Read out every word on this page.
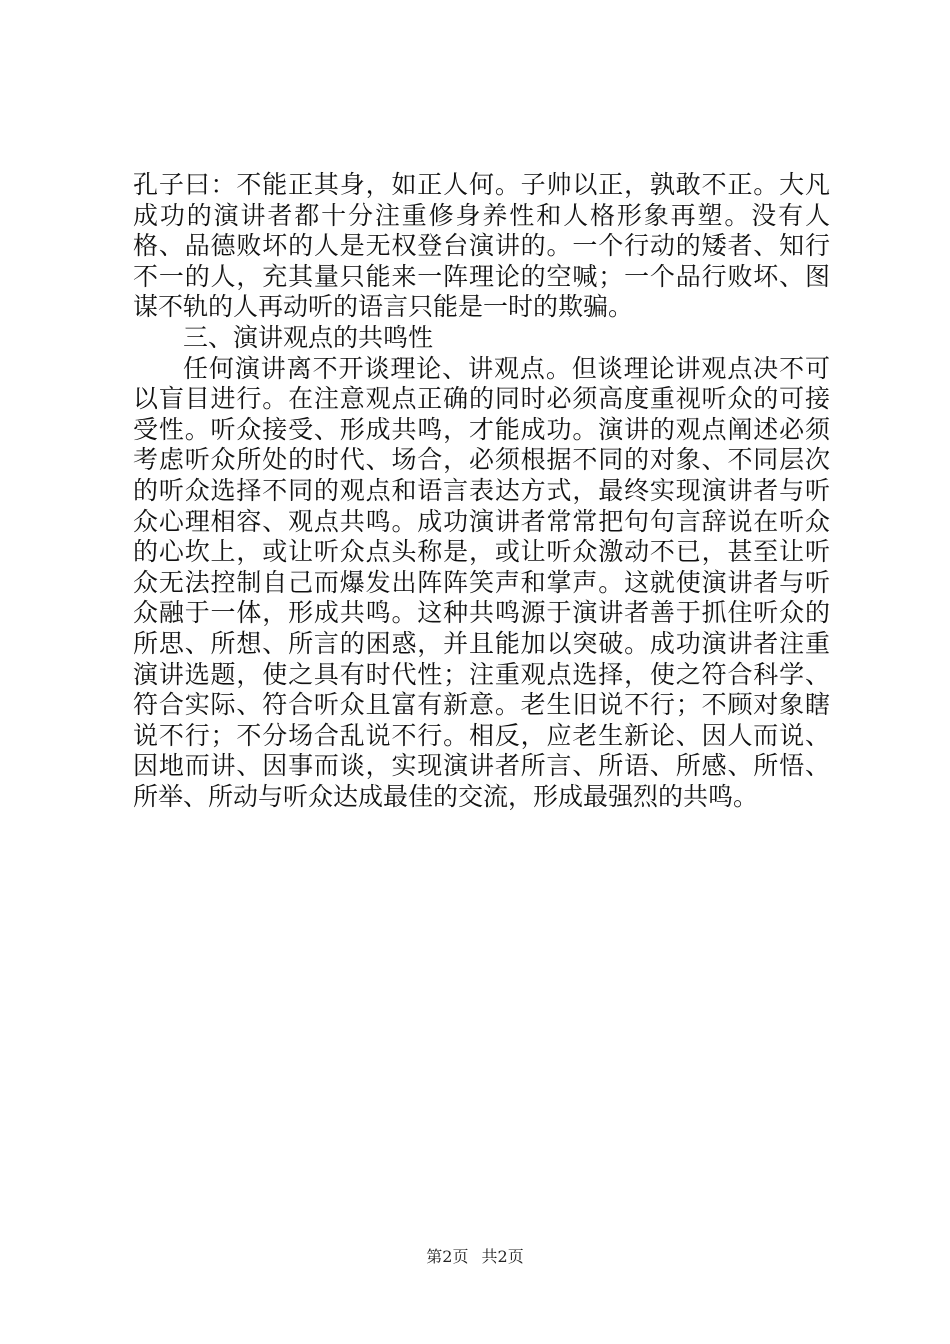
孔子曰：不能正其身，如正人何。子帅以正，孰敢不正。大凡成功的演讲者都十分注重修身养性和人格形象再塑。没有人格、品德败坏的人是无权登台演讲的。一个行动的矮者、知行不一的人，充其量只能来一阵理论的空喊；一个品行败坏、图谋不轨的人再动听的语言只能是一时的欺骗。

三、演讲观点的共鸣性

任何演讲离不开谈理论、讲观点。但谈理论讲观点决不可以盲目进行。在注意观点正确的同时必须高度重视听众的可接受性。听众接受、形成共鸣，才能成功。演讲的观点阐述必须考虑听众所处的时代、场合，必须根据不同的对象、不同层次的听众选择不同的观点和语言表达方式，最终实现演讲者与听众心理相容、观点共鸣。成功演讲者常常把句句言辞说在听众的心坎上，或让听众点头称是，或让听众激动不已，甚至让听众无法控制自己而爆发出阵阵笑声和掌声。这就使演讲者与听众融于一体，形成共鸣。这种共鸣源于演讲者善于抓住听众的所思、所想、所言的困惑，并且能加以突破。成功演讲者注重演讲选题，使之具有时代性；注重观点选择，使之符合科学、符合实际、符合听众且富有新意。老生旧说不行；不顾对象瞎说不行；不分场合乱说不行。相反，应老生新论、因人而说、因地而讲、因事而谈，实现演讲者所言、所语、所感、所悟、所举、所动与听众达成最佳的交流，形成最强烈的共鸣。

第2页 共2页
